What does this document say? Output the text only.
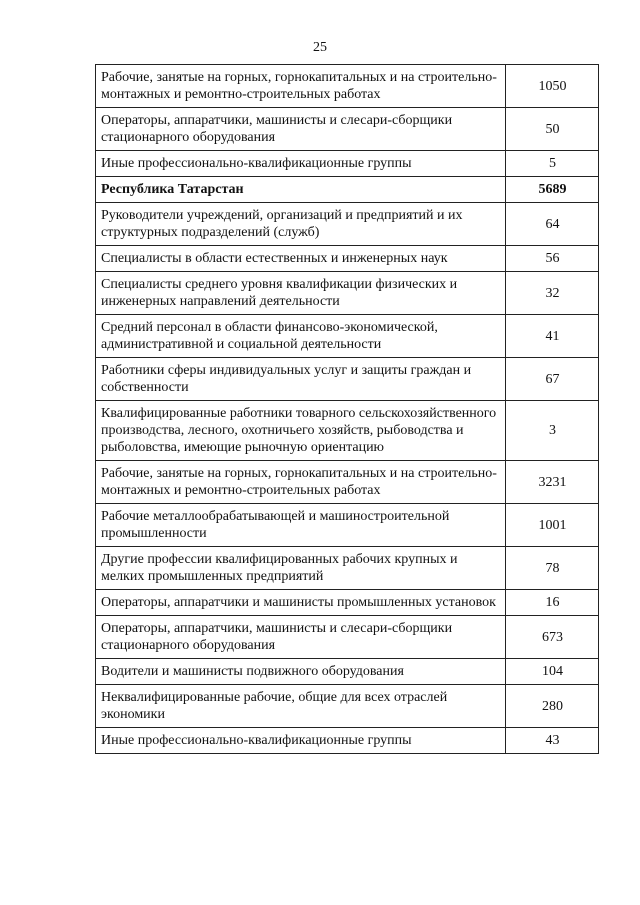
25
Рабочие, занятые на горных, горнокапитальных и на строительно-монтажных и ремонтно-строительных работах	1050
Операторы, аппаратчики, машинисты и слесари-сборщики стационарного оборудования	50
Иные профессионально-квалификационные группы	5
Республика Татарстан	5689
Руководители учреждений, организаций и предприятий и их структурных подразделений (служб)	64
Специалисты в области естественных и инженерных наук	56
Специалисты среднего уровня квалификации физических и инженерных направлений деятельности	32
Средний персонал в области финансово-экономической, административной и социальной деятельности	41
Работники сферы индивидуальных услуг и защиты граждан и собственности	67
Квалифицированные работники товарного сельскохозяйственного производства, лесного, охотничьего хозяйств, рыбоводства и рыболовства, имеющие рыночную ориентацию	3
Рабочие, занятые на горных, горнокапитальных и на строительно-монтажных и ремонтно-строительных работах	3231
Рабочие металлообрабатывающей и машиностроительной промышленности	1001
Другие профессии квалифицированных рабочих крупных и мелких промышленных предприятий	78
Операторы, аппаратчики и машинисты промышленных установок	16
Операторы, аппаратчики, машинисты и слесари-сборщики стационарного оборудования	673
Водители и машинисты подвижного оборудования	104
Неквалифицированные рабочие, общие для всех отраслей экономики	280
Иные профессионально-квалификационные группы	43
